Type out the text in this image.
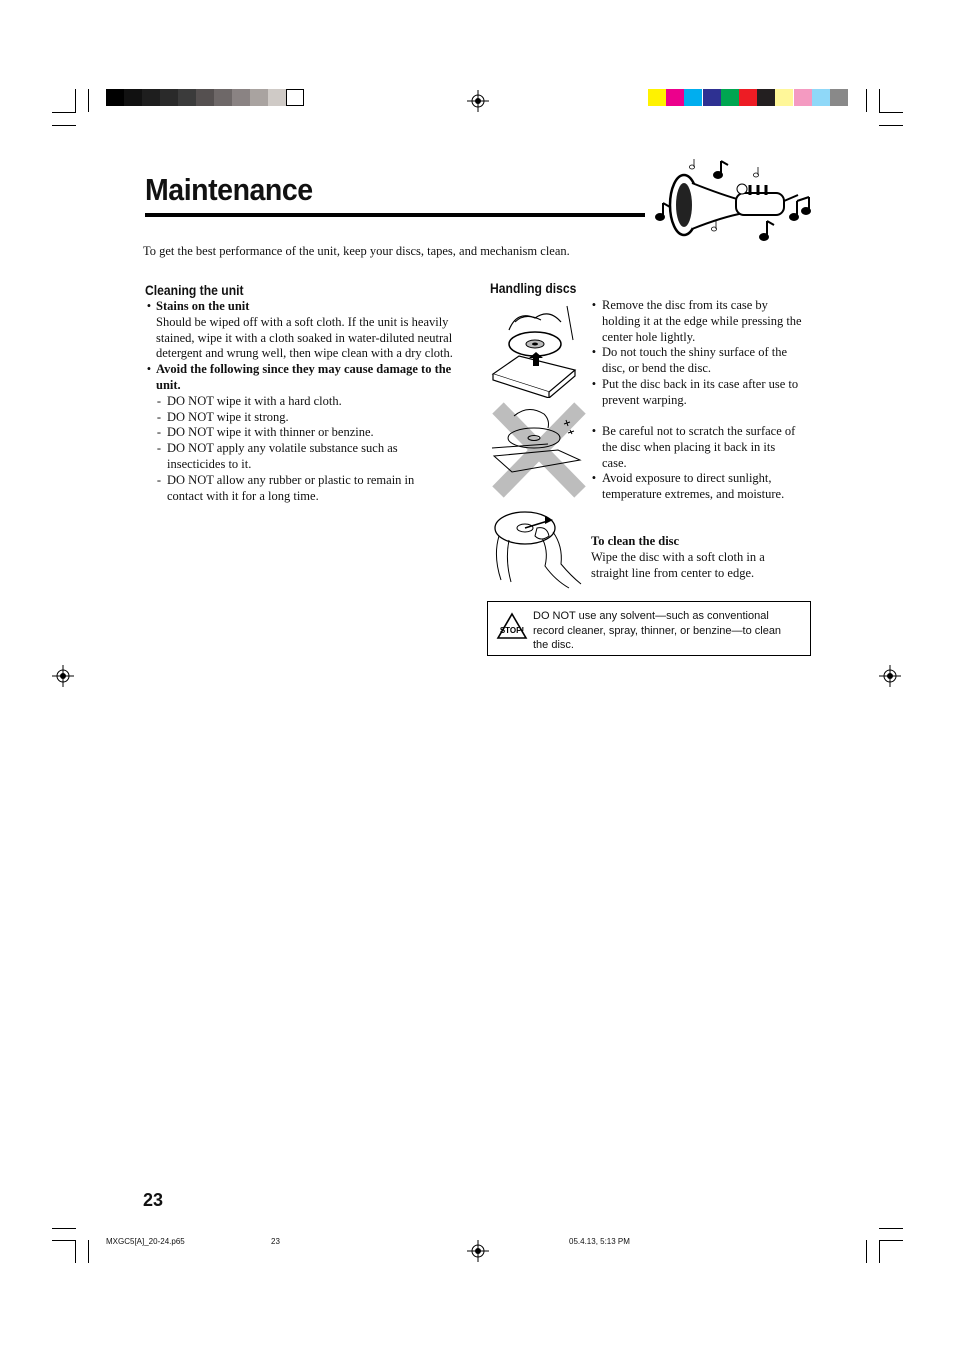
Maintenance
To get the best performance of the unit, keep your discs, tapes, and mechanism clean.
Cleaning the unit
• Stains on the unit
Should be wiped off with a soft cloth. If the unit is heavily
stained, wipe it with a cloth soaked in water-diluted neutral
detergent and wrung well, then wipe clean with a dry cloth.
• Avoid the following since they may cause damage to the
unit.
- DO NOT wipe it with a hard cloth.
- DO NOT wipe it strong.
- DO NOT wipe it with thinner or benzine.
- DO NOT apply any volatile substance such as
insecticides to it.
- DO NOT allow any rubber or plastic to remain in
contact with it for a long time.
Handling discs
• Remove the disc from its case by
holding it at the edge while pressing the
center hole lightly.
• Do not touch the shiny surface of the
disc, or bend the disc.
• Put the disc back in its case after use to
prevent warping.
• Be careful not to scratch the surface of
the disc when placing it back in its
case.
• Avoid exposure to direct sunlight,
temperature extremes, and moisture.
To clean the disc
Wipe the disc with a soft cloth in a
straight line from center to edge.
STOP!
DO NOT use any solvent—such as conventional
record cleaner, spray, thinner, or benzine—to clean
the disc.
23
MXGC5[A]_20-24.p65	23	05.4.13, 5:13 PM
